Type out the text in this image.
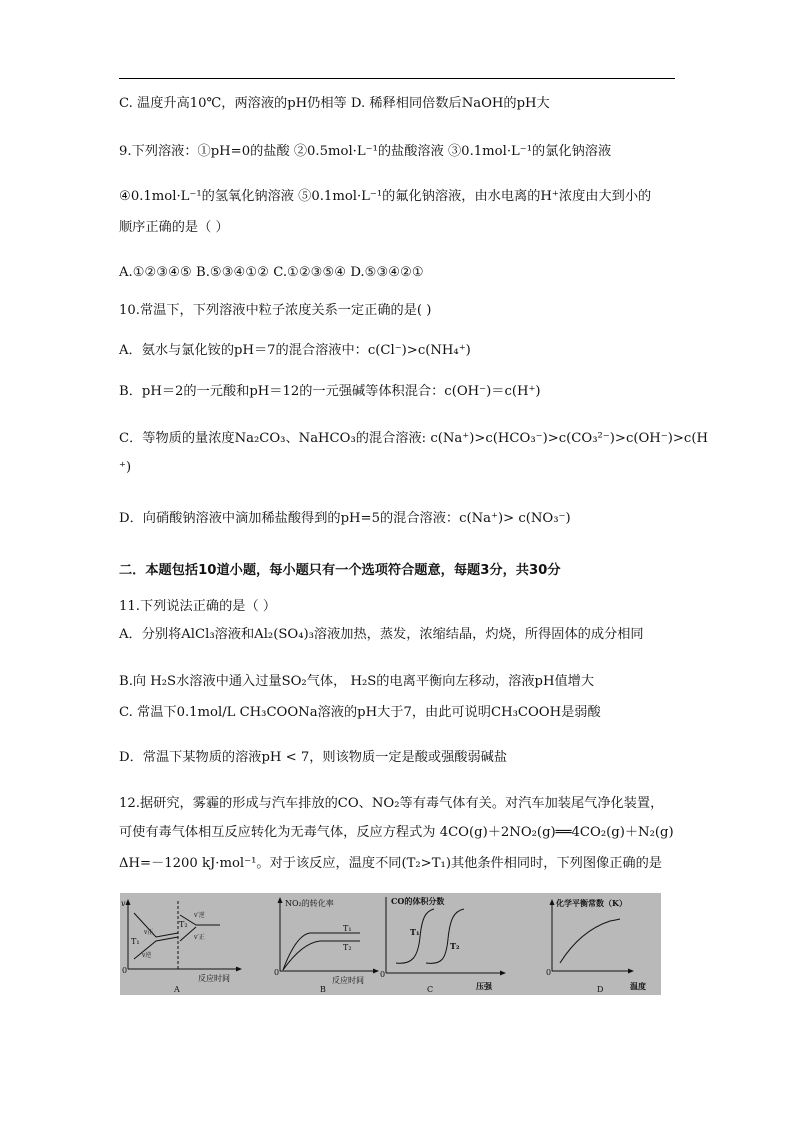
C. 温度升高10℃，两溶液的pH仍相等 D. 稀释相同倍数后NaOH的pH大
9.下列溶液：①pH=0的盐酸 ②0.5mol·L⁻¹的盐酸溶液 ③0.1mol·L⁻¹的氯化钠溶液
④0.1mol·L⁻¹的氢氧化钠溶液 ⑤0.1mol·L⁻¹的氟化钠溶液，由水电离的H⁺浓度由大到小的
顺序正确的是（ ）
A.①②③④⑤ B.⑤③④①② C.①②③⑤④ D.⑤③④②①
10.常温下，下列溶液中粒子浓度关系一定正确的是( )
A．氨水与氯化铵的pH＝7的混合溶液中：c(Cl⁻)>c(NH₄⁺)
B．pH＝2的一元酸和pH＝12的一元强碱等体积混合：c(OH⁻)＝c(H⁺)
C．等物质的量浓度Na₂CO₃、NaHCO₃的混合溶液: c(Na⁺)>c(HCO₃⁻)>c(CO₃²⁻)>c(OH⁻)>c(H
⁺)
D．向硝酸钠溶液中滴加稀盐酸得到的pH=5的混合溶液：c(Na⁺)> c(NO₃⁻)
二．本题包括10道小题，每小题只有一个选项符合题意，每题3分，共30分
11.下列说法正确的是（ ）
A．分别将AlCl₃溶液和Al₂(SO₄)₃溶液加热，蒸发，浓缩结晶，灼烧，所得固体的成分相同
B.向 H₂S水溶液中通入过量SO₂气体， H₂S的电离平衡向左移动，溶液pH值增大
C. 常温下0.1mol/L CH₃COONa溶液的pH大于7，由此可说明CH₃COOH是弱酸
D．常温下某物质的溶液pH < 7，则该物质一定是酸或强酸弱碱盐
12.据研究，雾霾的形成与汽车排放的CO、NO₂等有毒气体有关。对汽车加装尾气净化装置，
可使有毒气体相互反应转化为无毒气体，反应方程式为 4CO(g)＋2NO₂(g)══4CO₂(g)＋N₂(g)
ΔH=－1200 kJ·mol⁻¹。对于该反应，温度不同(T₂>T₁)其他条件相同时，下列图像正确的是
v
0
T₁
v正
v逆
T₂
v′逆
v′正
反应时间
A
NO₂的转化率
0
T₁
T₂
反应时间
B
CO的体积分数
0
T₁
T₂
压强
C
化学平衡常数（K）
0
温度
D
